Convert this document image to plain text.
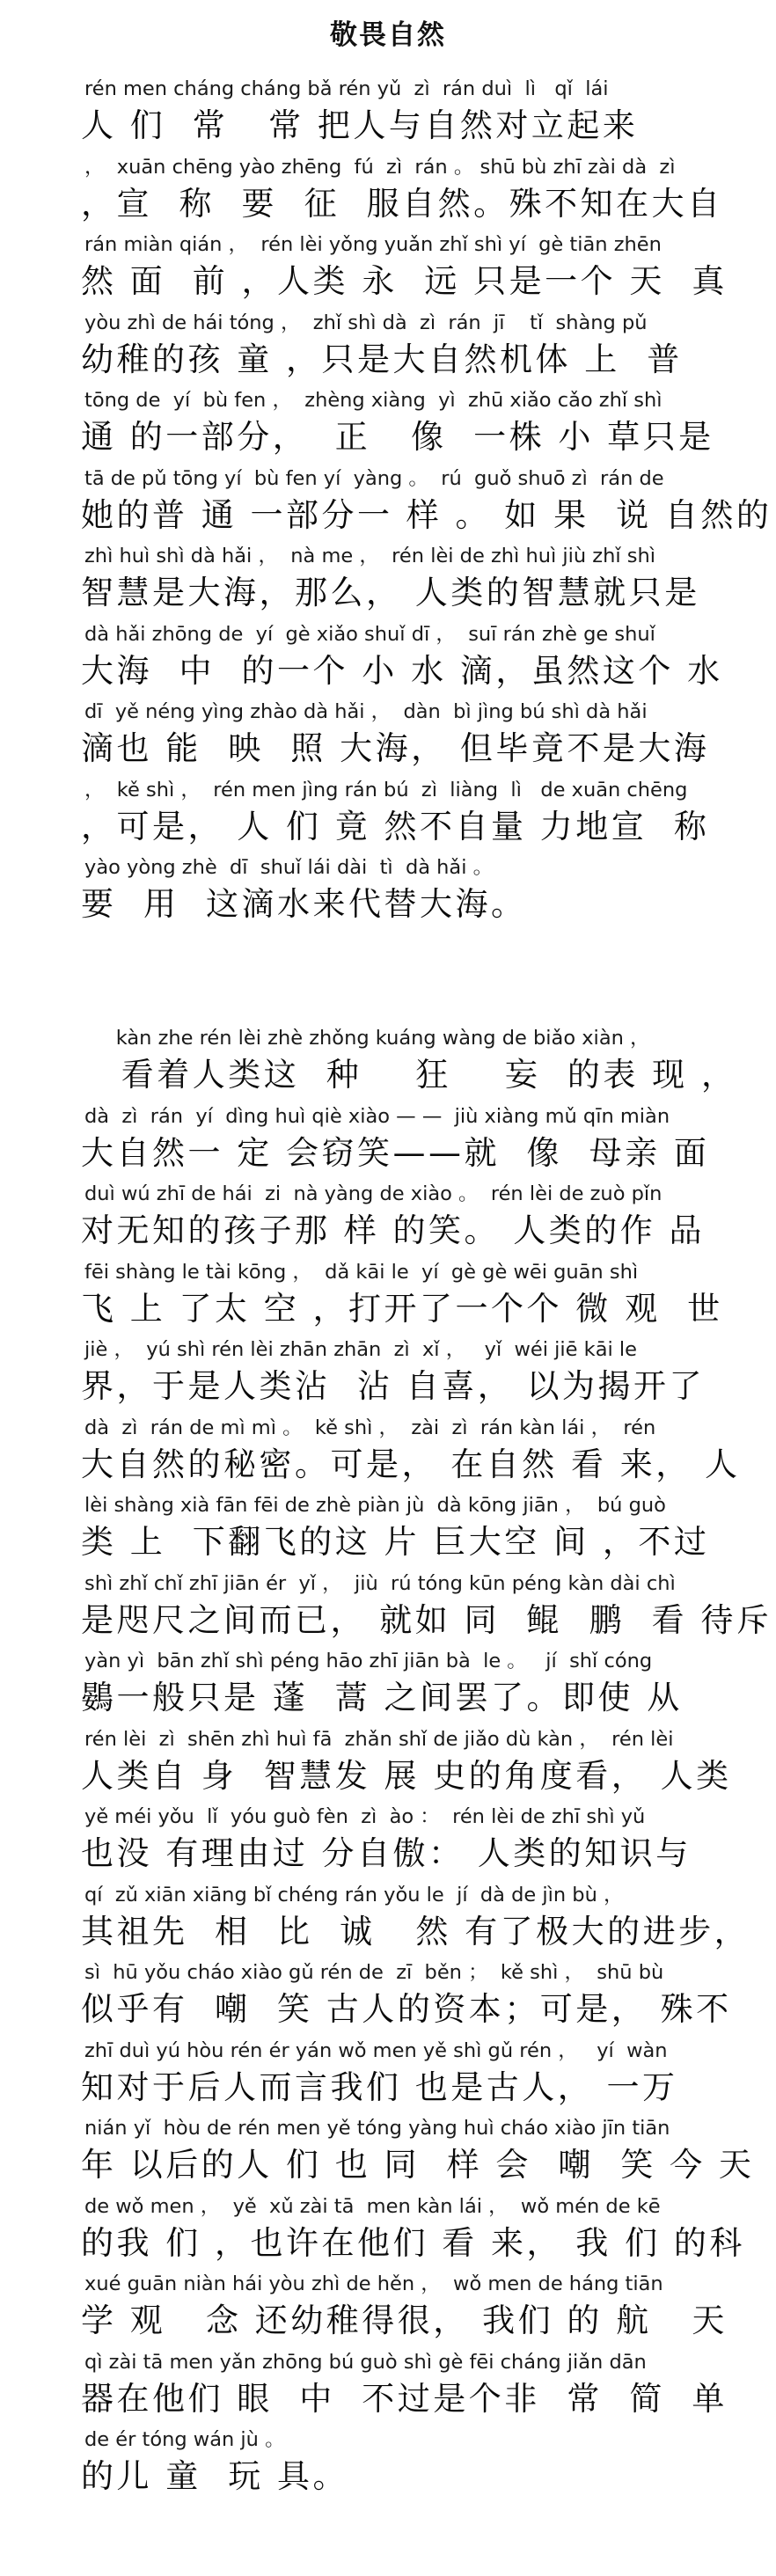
敬畏自然
rén men cháng cháng bǎ rén yǔ  zì  rán duì  lì   qǐ  lái
人 们  常   常 把人与自然对立起来
，  xuān chēng yào zhēng  fú  zì  rán 。 shū bù zhī zài dà  zì
，宣  称  要  征  服自然。殊不知在大自
rán miàn qián ，  rén lèi yǒng yuǎn zhǐ shì yí  gè tiān zhēn
然 面  前 ，人类 永  远 只是一个 天  真
yòu zhì de hái tóng ，  zhǐ shì dà  zì  rán  jī    tǐ  shàng pǔ
幼稚的孩 童 ，只是大自然机体 上  普
tōng de  yí  bù fen ，  zhèng xiàng  yì  zhū xiǎo cǎo zhǐ shì
通 的一部分，  正   像  一株 小 草只是
tā de pǔ tōng yí  bù fen yí  yàng 。  rú  guǒ shuō zì  rán de
她的普 通 一部分一 样 。 如 果  说 自然的
zhì huì shì dà hǎi ，  nà me ，  rén lèi de zhì huì jiù zhǐ shì
智慧是大海，那么， 人类的智慧就只是
dà hǎi zhōng de  yí  gè xiǎo shuǐ dī ，  suī rán zhè ge shuǐ
大海  中  的一个 小 水 滴，虽然这个 水
dī  yě néng yìng zhào dà hǎi ，  dàn  bì jìng bú shì dà hǎi
滴也 能  映  照 大海， 但毕竟不是大海
，  kě shì ，  rén men jìng rán bú  zì  liàng  lì   de xuān chēng
，可是， 人 们 竟 然不自量 力地宣  称
yào yòng zhè  dī  shuǐ lái dài  tì  dà hǎi 。
要  用  这滴水来代替大海。
kàn zhe rén lèi zhè zhǒng kuáng wàng de biǎo xiàn ，
看着人类这  种    狂    妄  的表 现 ，
dà  zì  rán  yí  dìng huì qiè xiào — —  jiù xiàng mǔ qīn miàn
大自然一 定 会窃笑——就  像  母亲 面
duì wú zhī de hái  zi  nà yàng de xiào 。  rén lèi de zuò pǐn
对无知的孩子那 样 的笑。 人类的作 品
fēi shàng le tài kōng ，  dǎ kāi le  yí  gè gè wēi guān shì
飞 上 了太 空 ，打开了一个个 微 观  世
jiè ，  yú shì rén lèi zhān zhān  zì  xǐ ，   yǐ  wéi jiē kāi le
界，于是人类沾  沾 自喜， 以为揭开了
dà  zì  rán de mì mì 。  kě shì ，  zài  zì  rán kàn lái ，  rén
大自然的秘密。可是， 在自然 看 来， 人
lèi shàng xià fān fēi de zhè piàn jù  dà kōng jiān ，  bú guò
类 上  下翻飞的这 片 巨大空 间 ，不过
shì zhǐ chǐ zhī jiān ér  yǐ ，  jiù  rú tóng kūn péng kàn dài chì
是咫尺之间而已， 就如 同  鲲  鹏  看 待斥
yàn yì  bān zhǐ shì péng hāo zhī jiān bà  le 。   jí  shǐ cóng
鷃一般只是 蓬  蒿 之间罢了。即使 从
rén lèi  zì  shēn zhì huì fā  zhǎn shǐ de jiǎo dù kàn ，  rén lèi
人类自 身  智慧发 展 史的角度看， 人类
yě méi yǒu  lǐ  yóu guò fèn  zì  ào ：  rén lèi de zhī shì yǔ
也没 有理由过 分自傲： 人类的知识与
qí  zǔ xiān xiāng bǐ chéng rán yǒu le  jí  dà de jìn bù ，
其祖先  相  比  诚   然 有了极大的进步，
sì  hū yǒu cháo xiào gǔ rén de  zī  běn ；  kě shì ，  shū bù
似乎有  嘲  笑 古人的资本；可是， 殊不
zhī duì yú hòu rén ér yán wǒ men yě shì gǔ rén ，   yí  wàn
知对于后人而言我们 也是古人， 一万
nián yǐ  hòu de rén men yě tóng yàng huì cháo xiào jīn tiān
年 以后的人 们 也 同  样 会  嘲  笑 今 天
de wǒ men ，  yě  xǔ zài tā  men kàn lái ，  wǒ mén de kē
的我 们 ，也许在他们 看 来， 我 们 的科
xué guān niàn hái yòu zhì de hěn ，  wǒ men de háng tiān
学 观   念 还幼稚得很， 我们 的 航   天
qì zài tā men yǎn zhōng bú guò shì gè fēi cháng jiǎn dān
器在他们 眼  中  不过是个非  常  简  单
de ér tóng wán jù 。
的儿 童  玩 具。
